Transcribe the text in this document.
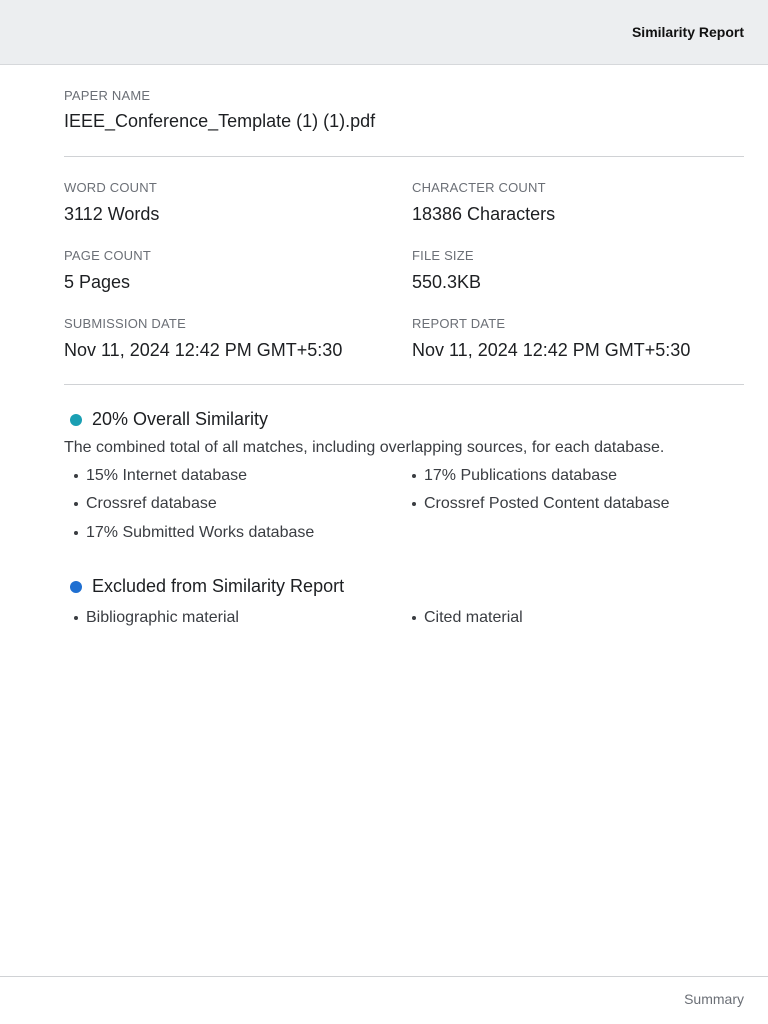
Similarity Report
PAPER NAME
IEEE_Conference_Template (1) (1).pdf
WORD COUNT
3112 Words
CHARACTER COUNT
18386 Characters
PAGE COUNT
5 Pages
FILE SIZE
550.3KB
SUBMISSION DATE
Nov 11, 2024 12:42 PM GMT+5:30
REPORT DATE
Nov 11, 2024 12:42 PM GMT+5:30
20% Overall Similarity
The combined total of all matches, including overlapping sources, for each database.
15% Internet database	17% Publications database
Crossref database	Crossref Posted Content database
17% Submitted Works database
Excluded from Similarity Report
Bibliographic material	Cited material
Summary
